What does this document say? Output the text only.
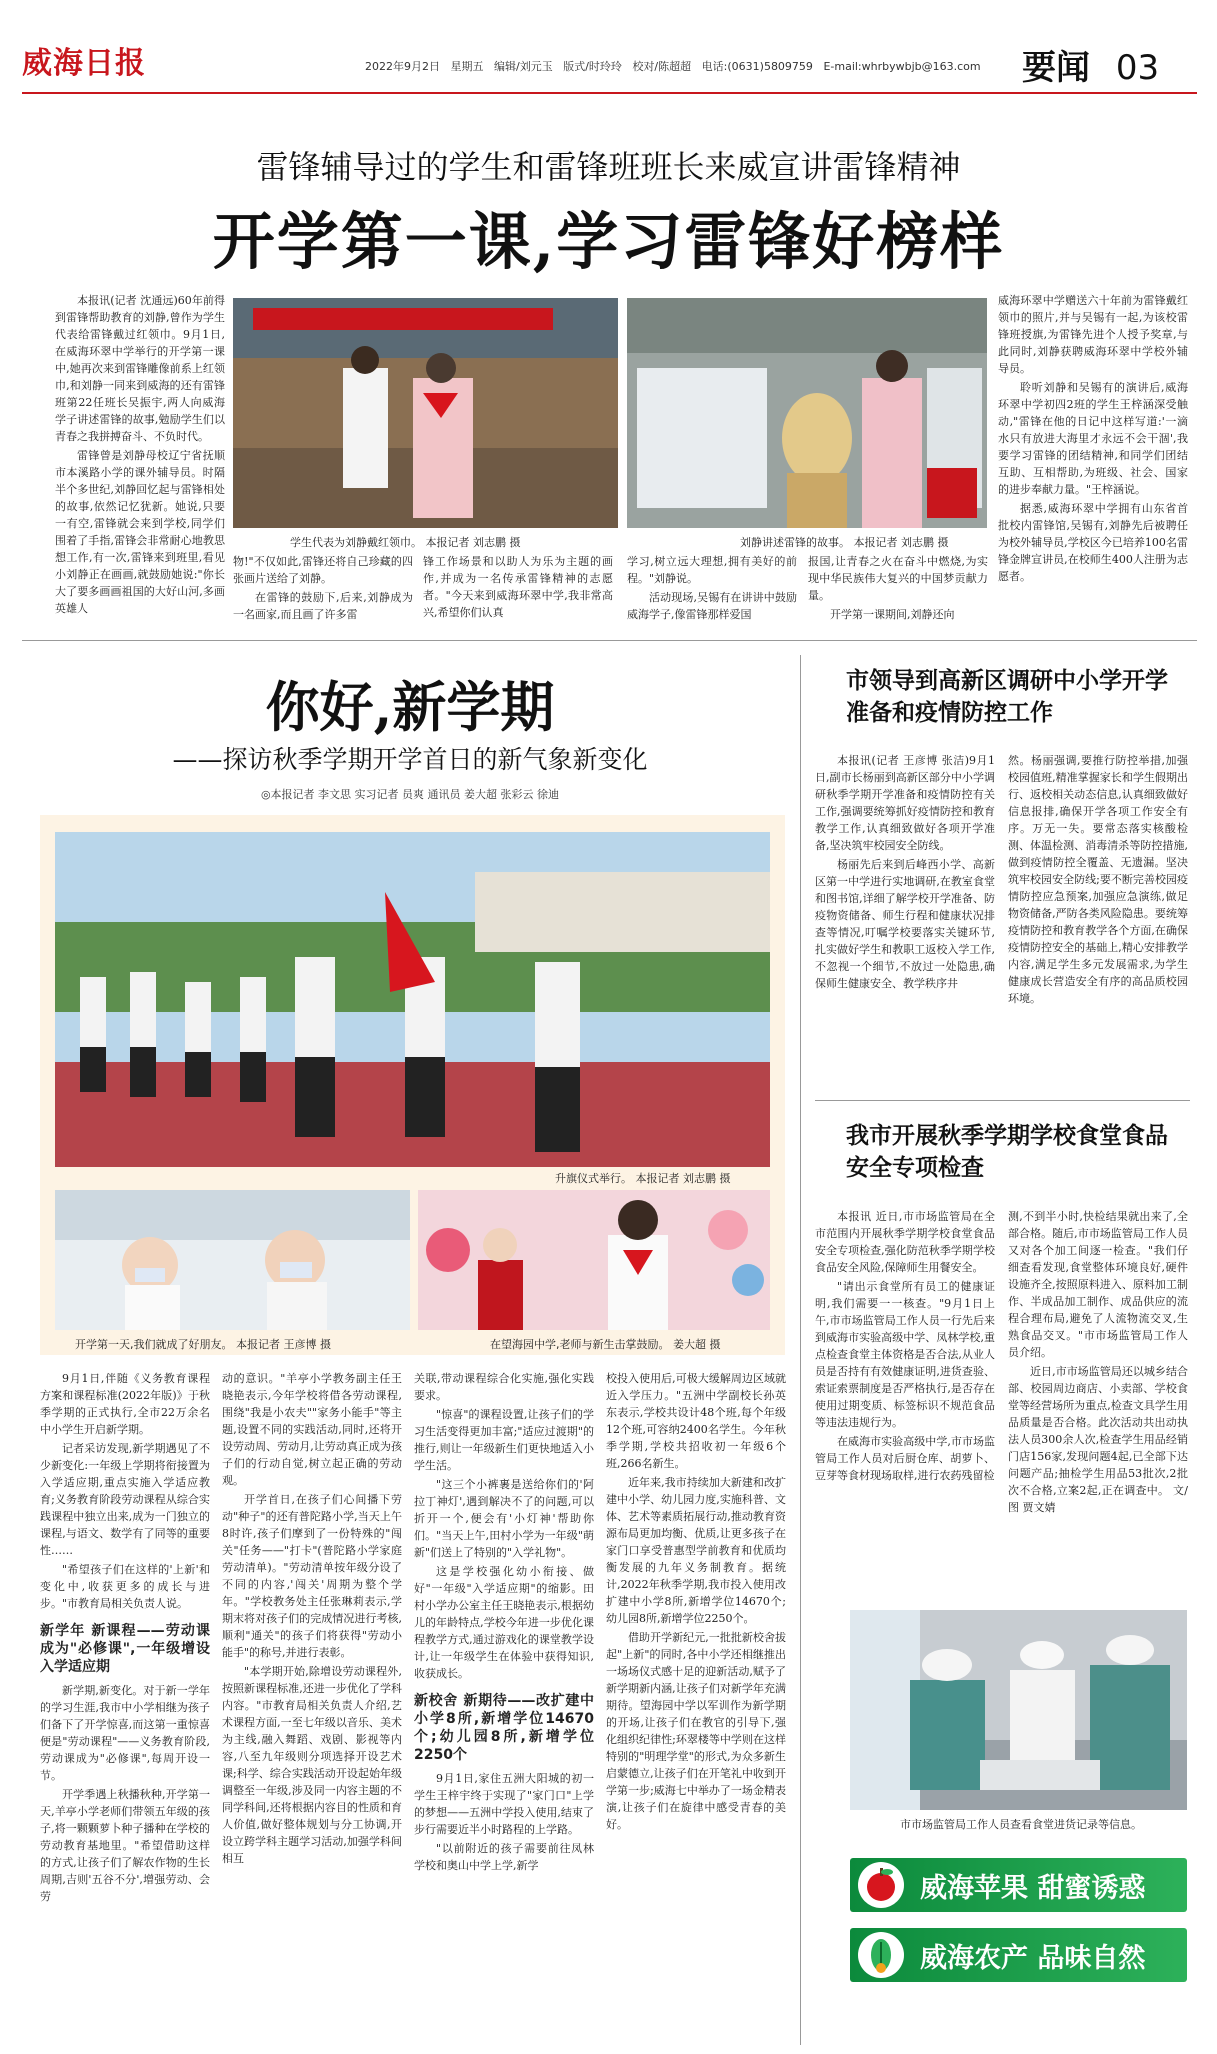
威海日报	2022年9月2日 星期五 编辑/刘元玉 版式/时玲玲 校对/陈超超 电话:(0631)5809759 E-mail:whrbywbjb@163.com 要闻 03
雷锋辅导过的学生和雷锋班班长来威宣讲雷锋精神
开学第一课,学习雷锋好榜样

本报讯(记者 沈通远)60年前得到雷锋帮助教育的刘静,曾作为学生代表给雷锋戴过红领巾。9月1日,在威海环翠中学举行的开学第一课中,她再次来到雷锋雕像前系上红领巾,和刘静一同来到威海的还有雷锋班第22任班长吴振宇,两人向威海学子讲述雷锋的故事,勉励学生们以青春之我拼搏奋斗、不负时代。

雷锋曾是刘静母校辽宁省抚顺市本溪路小学的课外辅导员。时隔半个多世纪,刘静回忆起与雷锋相处的故事,依然记忆犹新。她说,只要一有空,雷锋就会来到学校,同学们围着了手指,雷锋会非常耐心地教思想工作,有一次,雷锋来到班里,看见小刘静正在画画,就鼓励她说:"你长大了要多画画祖国的大好山河,多画英雄人

学生代表为刘静戴红领巾。 本报记者 刘志鹏 摄

物!"不仅如此,雷锋还将自己珍藏的四张画片送给了刘静。

在雷锋的鼓励下,后来,刘静成为一名画家,而且画了许多雷

锋工作场景和以助人为乐为主题的画作,并成为一名传承雷锋精神的志愿者。"今天来到威海环翠中学,我非常高兴,希望你们认真

刘静讲述雷锋的故事。 本报记者 刘志鹏 摄

学习,树立远大理想,拥有美好的前程。"刘静说。

活动现场,吴锡有在讲讲中鼓励威海学子,像雷锋那样爱国

报国,让青春之火在奋斗中燃烧,为实现中华民族伟大复兴的中国梦贡献力量。

开学第一课期间,刘静还向

威海环翠中学赠送六十年前为雷锋戴红领巾的照片,并与吴锡有一起,为该校雷锋班授旗,为雷锋先进个人授予奖章,与此同时,刘静获聘威海环翠中学校外辅导员。

聆听刘静和吴锡有的演讲后,威海环翠中学初四2班的学生王梓涵深受触动,"雷锋在他的日记中这样写道:'一滴水只有放进大海里才永远不会干涸',我要学习雷锋的团结精神,和同学们团结互助、互相帮助,为班级、社会、国家的进步奉献力量。"王梓涵说。

据悉,威海环翠中学拥有山东省首批校内雷锋馆,吴锡有,刘静先后被聘任为校外辅导员,学校区今已培养100名雷锋金牌宣讲员,在校师生400人注册为志愿者。

你好,新学期
——探访秋季学期开学首日的新气象新变化
◎本报记者 李文思 实习记者 员爽 通讯员 姜大超 张彩云 徐迪
升旗仪式举行。 本报记者 刘志鹏 摄
开学第一天,我们就成了好朋友。 本报记者 王彦博 摄	在望海园中学,老师与新生击掌鼓励。 姜大超 摄

9月1日,伴随《义务教育课程方案和课程标准(2022年版)》于秋季学期的正式执行,全市22万余名中小学生开启新学期。

记者采访发现,新学期遇见了不少新变化:一年级上学期将衔接置为入学适应期,重点实施入学适应教育;义务教育阶段劳动课程从综合实践课程中独立出来,成为一门独立的课程,与语文、数学有了同等的重要性……

"希望孩子们在这样的'上新'和变化中,收获更多的成长与进步。"市教育局相关负责人说。

新学年 新课程——劳动课成为"必修课",一年级增设入学适应期

新学期,新变化。对于新一学年的学习生涯,我市中小学相继为孩子们备下了开学惊喜,而这第一重惊喜便是"劳动课程"——义务教育阶段,劳动课成为"必修课",每周开设一节。

开学季遇上秋播秋种,开学第一天,羊亭小学老师们带领五年级的孩子,将一颗颗萝卜种子播种在学校的劳动教育基地里。"希望借助这样的方式,让孩子们了解农作物的生长周期,吉则'五谷不分',增强劳动、会劳

动的意识。"羊亭小学教务副主任王晓艳表示,今年学校将借各劳动课程,围绕"我是小农夫""家务小能手"等主题,设置不同的实践活动,同时,还将开设劳动周、劳动月,让劳动真正成为孩子们的行动自觉,树立起正确的劳动观。

开学首日,在孩子们心间播下劳动"种子"的还有普陀路小学,当天上午8时许,孩子们摩到了一份特殊的"闯关"任务——"打卡"(普陀路小学家庭劳动清单)。"劳动清单按年级分设了不同的内容,'闯关'周期为整个学年。"学校教务处主任张琳莉表示,学期末将对孩子们的完成情况进行考核,顺利"通关"的孩子们将获得"劳动小能手"的称号,并进行表彰。

"本学期开始,除增设劳动课程外,按照新课程标准,还进一步优化了学科内容。"市教育局相关负责人介绍,艺术课程方面,一至七年级以音乐、美术为主线,融入舞蹈、戏剧、影视等内容,八至九年级则分项选择开设艺术课;科学、综合实践活动开设起始年级调整至一年级,涉及同一内容主题的不同学科间,还将根据内容目的性质和育人价值,做好整体规划与分工协调,开设立跨学科主题学习活动,加强学科间相互

关联,带动课程综合化实施,强化实践要求。

"惊喜"的课程设置,让孩子们的学习生活变得更加丰富;"适应过渡期"的推行,则让一年级新生们更快地适入小学生活。

"这三个小裤裹是送给你们的'阿拉丁神灯',遇到解决不了的问题,可以折开一个,便会有'小灯神'帮助你们。"当天上午,田村小学为一年级"萌新"们送上了特别的"入学礼物"。

这是学校强化幼小衔接、做好"一年级"入学适应期"的缩影。田村小学办公室主任王晓艳表示,根据幼儿的年龄特点,学校今年进一步优化课程教学方式,通过游戏化的课堂教学设计,让一年级学生在体验中获得知识,收获成长。

新校舍 新期待——改扩建中小学8所,新增学位14670个;幼儿园8所,新增学位2250个

9月1日,家住五洲大阳城的初一学生王梓宇终于实现了"家门口"上学的梦想——五洲中学投入使用,结束了步行需要近半小时路程的上学路。

"以前附近的孩子需要前往凤林学校和奥山中学上学,新学

校投入使用后,可极大缓解周边区域就近入学压力。"五洲中学副校长孙英东表示,学校共设计48个班,每个年级12个班,可容纳2400名学生。今年秋季学期,学校共招收初一年级6个班,266名新生。

近年来,我市持续加大新建和改扩建中小学、幼儿园力度,实施科普、文体、艺术等素质拓展行动,推动教育资源布局更加均衡、优质,让更多孩子在家门口享受普惠型学前教育和优质均衡发展的九年义务制教育。据统计,2022年秋季学期,我市投入使用改扩建中小学8所,新增学位14670个;幼儿园8所,新增学位2250个。

借助开学新纪元,一批批新校舍拔起"上新"的同时,各中小学还相继推出一场场仪式感十足的迎新活动,赋予了新学期新内涵,让孩子们对新学年充满期待。望海园中学以军训作为新学期的开场,让孩子们在教官的引导下,强化组织纪律性;环翠楼等中学则在这样特别的"明理学堂"的形式,为众多新生启蒙德立,让孩子们在开笔礼中收到开学第一步;威海七中举办了一场金精表演,让孩子们在旋律中感受青春的美好。

市领导到高新区调研中小学开学准备和疫情防控工作

本报讯(记者 王彦博 张洁)9月1日,副市长杨丽到高新区部分中小学调研秋季学期开学准备和疫情防控有关工作,强调要统筹抓好疫情防控和教育教学工作,认真细致做好各项开学准备,坚决筑牢校园安全防线。

杨丽先后来到后峰西小学、高新区第一中学进行实地调研,在教室食堂和图书馆,详细了解学校开学准备、防疫物资储备、师生行程和健康状况排查等情况,叮嘱学校要落实关键环节,扎实做好学生和教职工返校入学工作,不忽视一个细节,不放过一处隐患,确保师生健康安全、教学秩序井

然。杨丽强调,要推行防控举措,加强校园值班,精准掌握家长和学生假期出行、返校相关动态信息,认真细致做好信息报排,确保开学各项工作安全有序。万无一失。要常态落实核酸检测、体温检测、消毒清杀等防控措施,做到疫情防控全覆盖、无遗漏。坚决筑牢校园安全防线;要不断完善校园疫情防控应急预案,加强应急演练,做足物资储备,严防各类风险隐患。要统筹疫情防控和教育教学各个方面,在确保疫情防控安全的基础上,精心安排教学内容,满足学生多元发展需求,为学生健康成长营造安全有序的高品质校园环境。

我市开展秋季学期学校食堂食品安全专项检查

本报讯 近日,市市场监管局在全市范围内开展秋季学期学校食堂食品安全专项检查,强化防范秋季学期学校食品安全风险,保障师生用餐安全。

"请出示食堂所有员工的健康证明,我们需要一一核查。"9月1日上午,市市场监管局工作人员一行先后来到威海市实验高级中学、凤林学校,重点检查食堂主体资格是否合法,从业人员是否持有有效健康证明,进货查验、索证索票制度是否严格执行,是否存在使用过期变质、标签标识不规范食品等违法违规行为。

在威海市实验高级中学,市市场监管局工作人员对后厨仓库、胡萝卜、豆芽等食材现场取样,进行农药残留检

测,不到半小时,快检结果就出来了,全部合格。随后,市市场监管局工作人员又对各个加工间逐一检查。"我们仔细查看发现,食堂整体环境良好,硬件设施齐全,按照原料进入、原料加工制作、半成品加工制作、成品供应的流程合理布局,避免了人流物流交叉,生熟食品交叉。"市市场监管局工作人员介绍。

近日,市市场监管局还以城乡结合部、校园周边商店、小卖部、学校食堂等经营场所为重点,检查文具学生用品质量是否合格。此次活动共出动执法人员300余人次,检查学生用品经销门店156家,发现问题4起,已全部下达问题产品;抽检学生用品53批次,2批次不合格,立案2起,正在调查中。 文/图 贾文婧

市市场监管局工作人员查看食堂进货记录等信息。
威海苹果 甜蜜诱惑
威海农产 品味自然
